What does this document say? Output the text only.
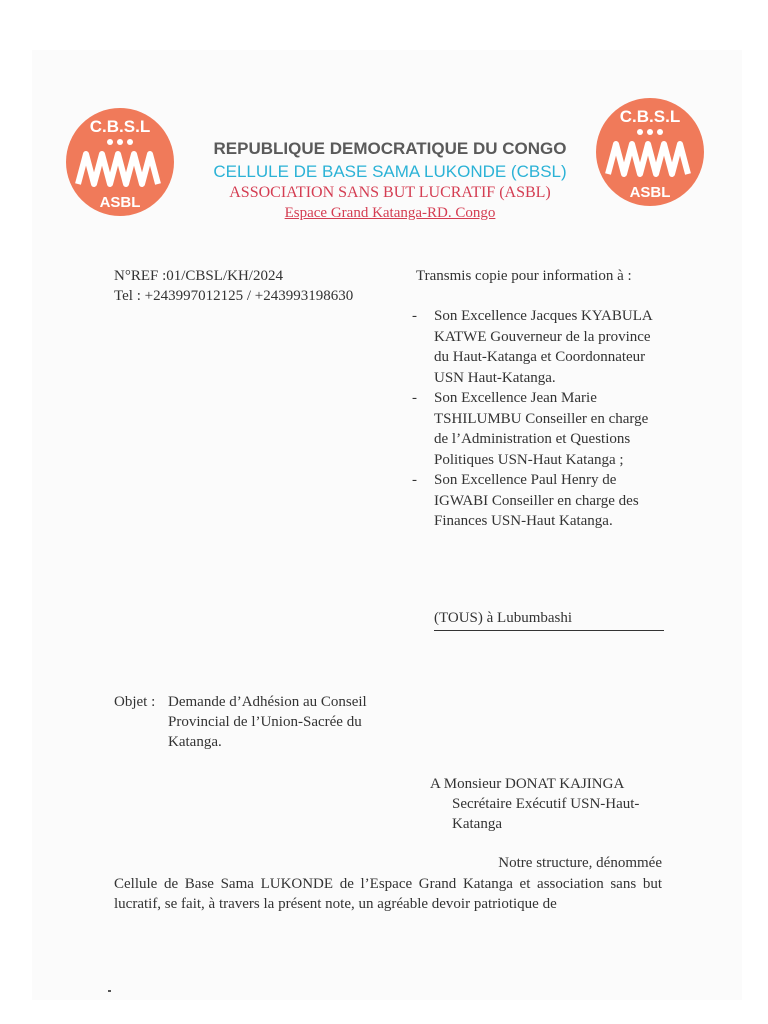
C.B.S.L
ASBL
C.B.S.L
ASBL
REPUBLIQUE DEMOCRATIQUE DU CONGO
CELLULE DE BASE SAMA LUKONDE (CBSL)
ASSOCIATION SANS BUT LUCRATIF (ASBL)
Espace Grand Katanga-RD. Congo
N°REF :01/CBSL/KH/2024
Tel : +243997012125 / +243993198630
Transmis copie pour information à :
- Son Excellence Jacques KYABULA KATWE Gouverneur de la province du Haut-Katanga et Coordonnateur USN Haut-Katanga.
- Son Excellence Jean Marie TSHILUMBU Conseiller en charge de l’Administration et Questions Politiques USN-Haut Katanga ;
- Son Excellence Paul Henry de IGWABI Conseiller en charge des Finances USN-Haut Katanga.
(TOUS) à Lubumbashi
Objet : Demande d’Adhésion au Conseil Provincial de l’Union-Sacrée du Katanga.
A Monsieur DONAT KAJINGA
Secrétaire Exécutif USN-Haut-Katanga
Notre structure, dénommée
Cellule de Base Sama LUKONDE de l’Espace Grand Katanga et association sans but lucratif, se fait, à travers la présent note, un agréable devoir patriotique de
